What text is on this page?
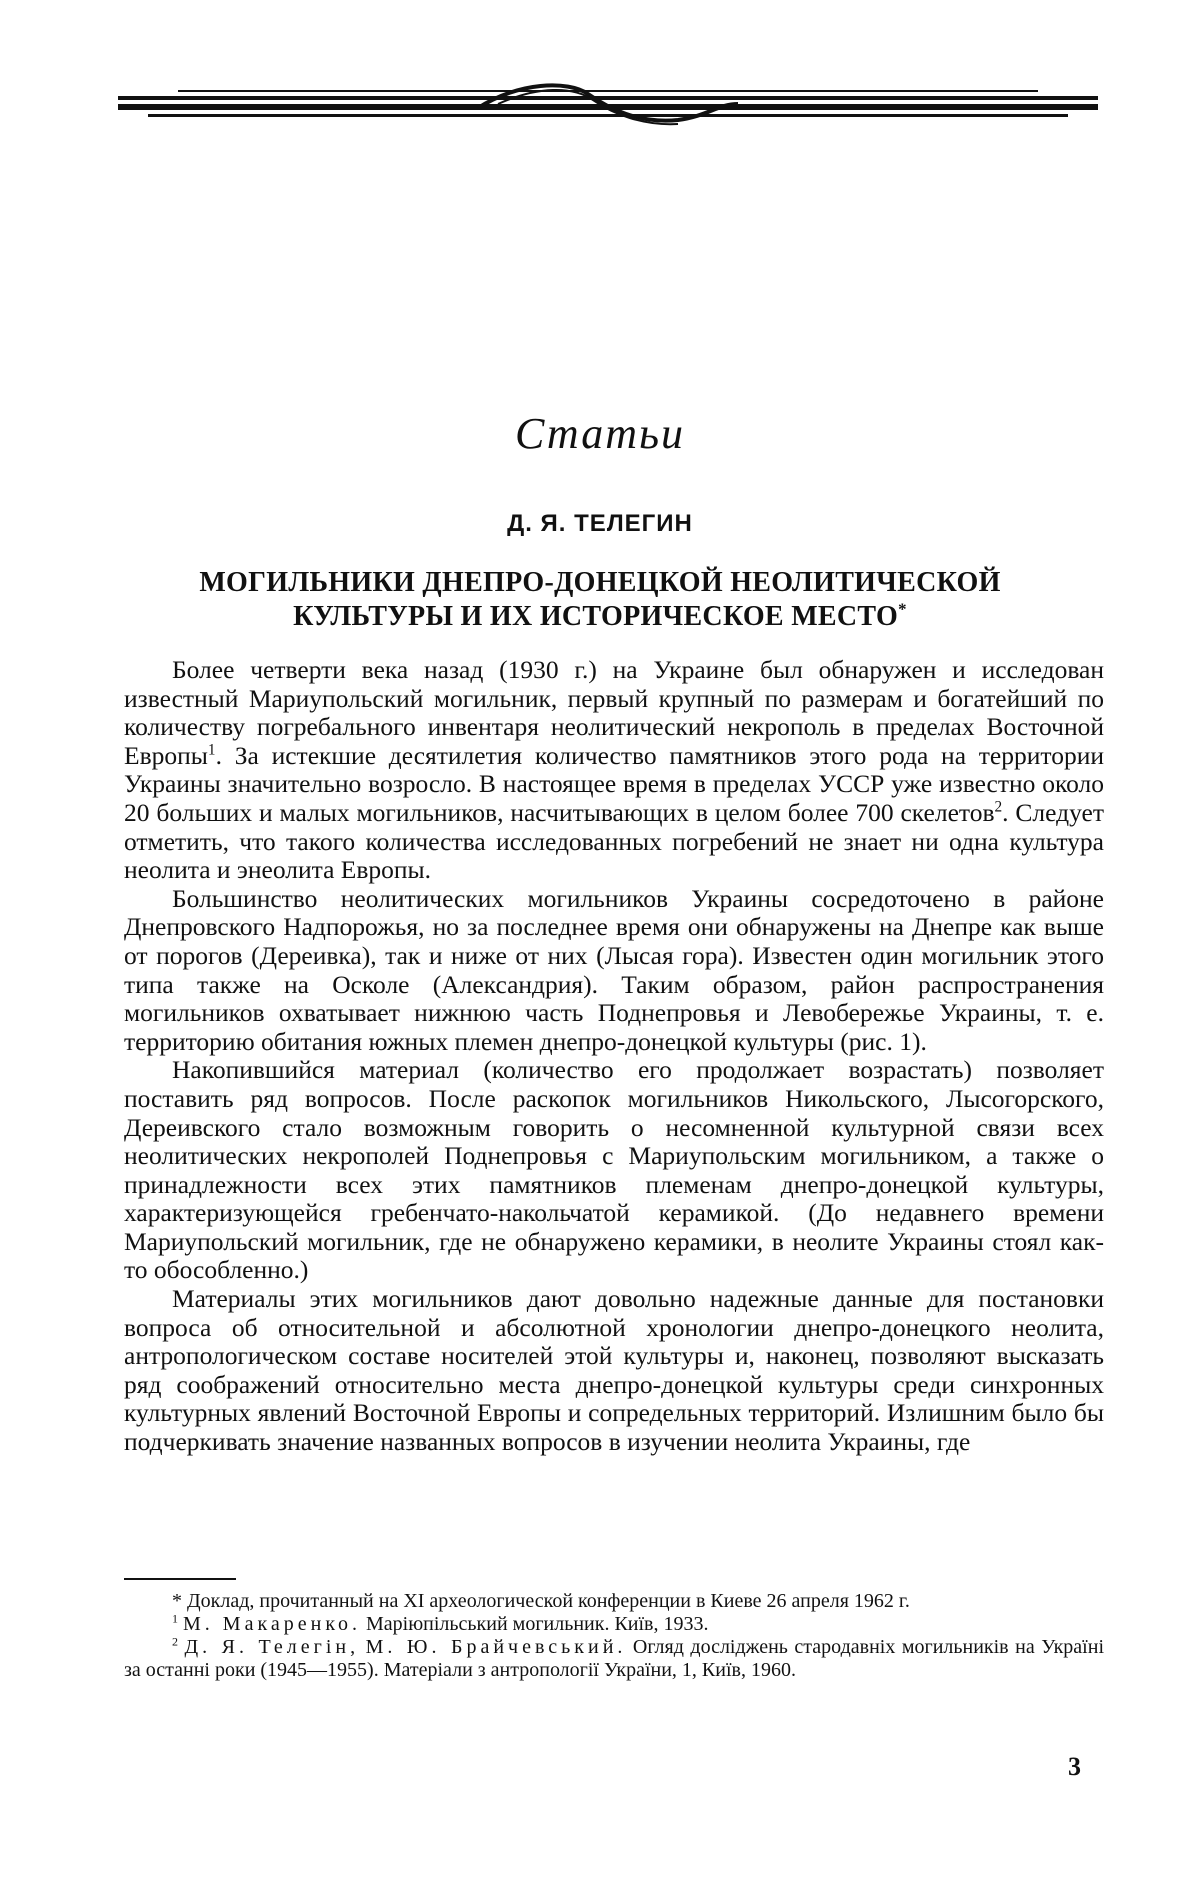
Статьи
Д. Я. ТЕЛЕГИН
МОГИЛЬНИКИ ДНЕПРО-ДОНЕЦКОЙ НЕОЛИТИЧЕСКОЙ
КУЛЬТУРЫ И ИХ ИСТОРИЧЕСКОЕ МЕСТО*

Более четверти века назад (1930 г.) на Украине был обнаружен и исследован известный Мариупольский могильник, первый крупный по размерам и богатейший по количеству погребального инвентаря неолитический некрополь в пределах Восточной Европы$^1$. За истекшие десятилетия количество памятников этого рода на территории Украины значительно возросло. В настоящее время в пределах УССР уже известно около 20 больших и малых могильников, насчитывающих в целом более 700 скелетов$^2$. Следует отметить, что такого количества исследованных погребений не знает ни одна культура неолита и энеолита Европы.

Большинство неолитических могильников Украины сосредоточено в районе Днепровского Надпорожья, но за последнее время они обнаружены на Днепре как выше от порогов (Дереивка), так и ниже от них (Лысая гора). Известен один могильник этого типа также на Осколе (Александрия). Таким образом, район распространения могильников охватывает нижнюю часть Поднепровья и Левобережье Украины, т. е. территорию обитания южных племен днепро-донецкой культуры (рис. 1).

Накопившийся материал (количество его продолжает возрастать) позволяет поставить ряд вопросов. После раскопок могильников Никольского, Лысогорского, Дереивского стало возможным говорить о несомненной культурной связи всех неолитических некрополей Поднепровья с Мариупольским могильником, а также о принадлежности всех этих памятников племенам днепро-донецкой культуры, характеризующейся гребенчато-накольчатой керамикой. (До недавнего времени Мариупольский могильник, где не обнаружено керамики, в неолите Украины стоял как-то обособленно.)

Материалы этих могильников дают довольно надежные данные для постановки вопроса об относительной и абсолютной хронологии днепро-донецкого неолита, антропологическом составе носителей этой культуры и, наконец, позволяют высказать ряд соображений относительно места днепро-донецкой культуры среди синхронных культурных явлений Восточной Европы и сопредельных территорий. Излишним было бы подчеркивать значение названных вопросов в изучении неолита Украины, где

* Доклад, прочитанный на XI археологической конференции в Киеве 26 апреля 1962 г.

$^1$ М. Макаренко. Маріюпільський могильник. Київ, 1933.

$^2$ Д. Я. Телегін, М. Ю. Брайчевський. Огляд досліджень стародавніх могильників на Україні за останні роки (1945—1955). Матеріали з антропології України, 1, Київ, 1960.

3
